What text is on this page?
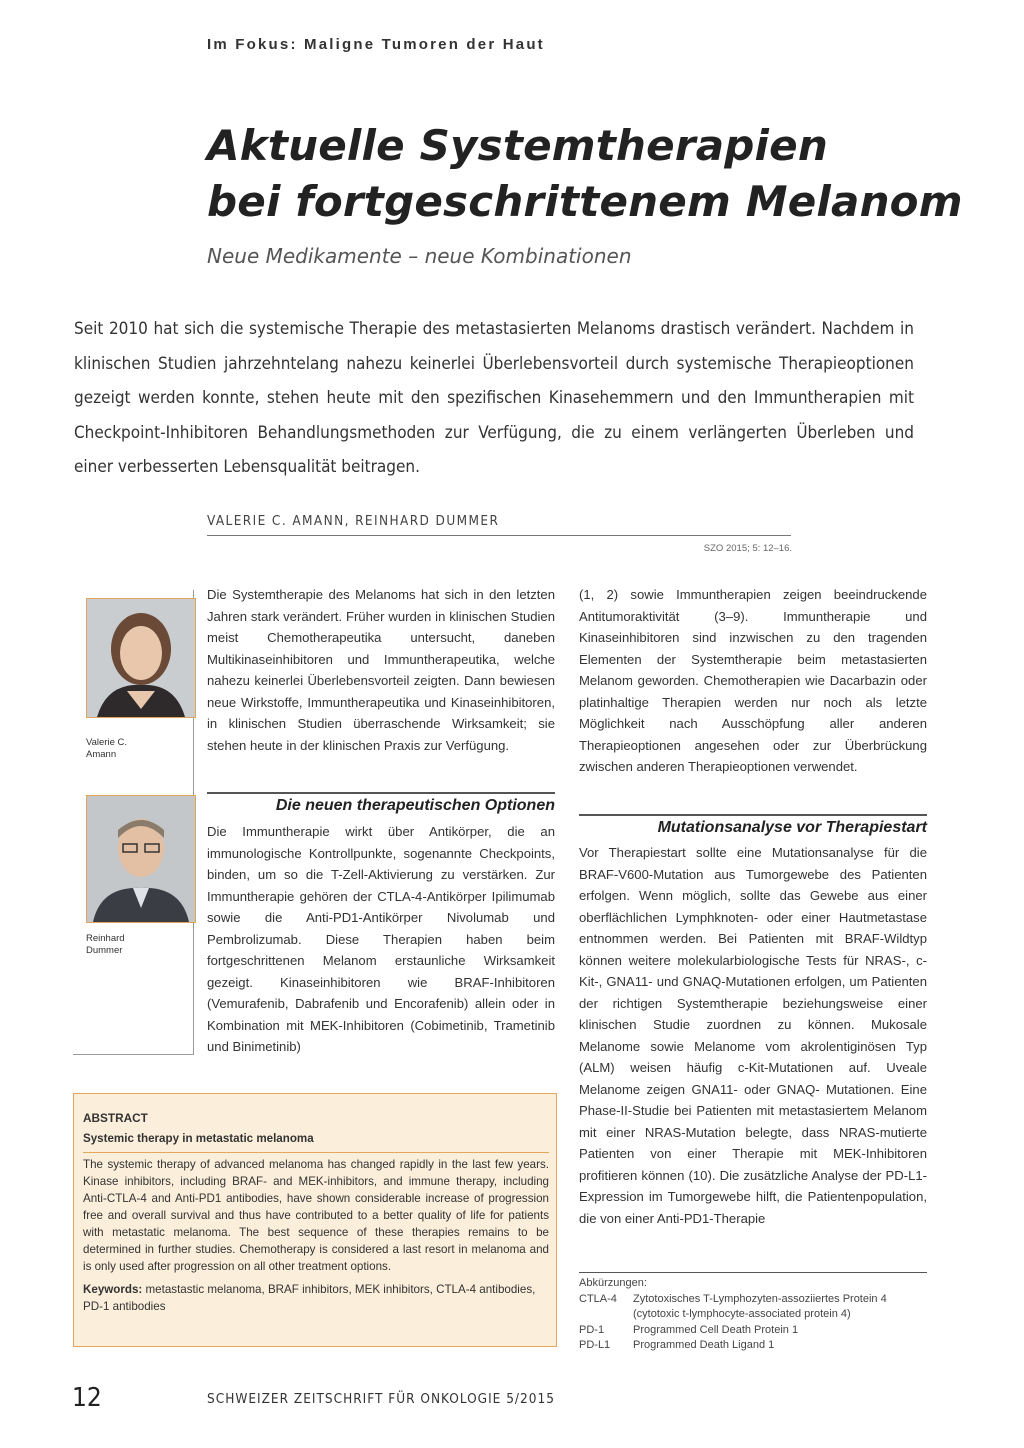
Im Fokus: Maligne Tumoren der Haut
Aktuelle Systemtherapien
bei fortgeschrittenem Melanom
Neue Medikamente – neue Kombinationen
Seit 2010 hat sich die systemische Therapie des metastasierten Melanoms drastisch verändert. Nachdem in klinischen Studien jahrzehntelang nahezu keinerlei Überlebensvorteil durch systemische Therapieoptionen gezeigt werden konnte, stehen heute mit den spezifischen Kinasehemmern und den Immuntherapien mit Checkpoint-Inhibitoren Behandlungsmethoden zur Verfügung, die zu einem verlängerten Überleben und einer verbesserten Lebensqualität beitragen.
VALERIE C. AMANN, REINHARD DUMMER
SZO 2015; 5: 12–16.
Valerie C. Amann
Reinhard Dummer

Die Systemtherapie des Melanoms hat sich in den letzten Jahren stark verändert. Früher wurden in klinischen Studien meist Chemotherapeutika untersucht, daneben Multikinaseinhibitoren und Immuntherapeutika, welche nahezu keinerlei Überlebensvorteil zeigten. Dann bewiesen neue Wirkstoffe, Immuntherapeutika und Kinaseinhibitoren, in klinischen Studien überraschende Wirksamkeit; sie stehen heute in der klinischen Praxis zur Verfügung.

Die neuen therapeutischen Optionen

Die Immuntherapie wirkt über Antikörper, die an immunologische Kontrollpunkte, sogenannte Checkpoints, binden, um so die T-Zell-Aktivierung zu verstärken. Zur Immuntherapie gehören der CTLA-4-Antikörper Ipilimumab sowie die Anti-PD1-Antikörper Nivolumab und Pembrolizumab. Diese Therapien haben beim fortgeschrittenen Melanom erstaunliche Wirksamkeit gezeigt. Kinaseinhibitoren wie BRAF-Inhibitoren (Vemurafenib, Dabrafenib und Encorafenib) allein oder in Kombination mit MEK-Inhibitoren (Cobimetinib, Trametinib und Binimetinib)

(1, 2) sowie Immuntherapien zeigen beeindruckende Antitumoraktivität (3–9). Immuntherapie und Kinaseinhibitoren sind inzwischen zu den tragenden Elementen der Systemtherapie beim metastasierten Melanom geworden. Chemotherapien wie Dacarbazin oder platinhaltige Therapien werden nur noch als letzte Möglichkeit nach Ausschöpfung aller anderen Therapieoptionen angesehen oder zur Überbrückung zwischen anderen Therapieoptionen verwendet.

Mutationsanalyse vor Therapiestart

Vor Therapiestart sollte eine Mutationsanalyse für die BRAF-V600-Mutation aus Tumorgewebe des Patienten erfolgen. Wenn möglich, sollte das Gewebe aus einer oberflächlichen Lymphknoten- oder einer Hautmetastase entnommen werden. Bei Patienten mit BRAF-Wildtyp können weitere molekularbiologische Tests für NRAS-, c-Kit-, GNA11- und GNAQ-Mutationen erfolgen, um Patienten der richtigen Systemtherapie beziehungsweise einer klinischen Studie zuordnen zu können. Mukosale Melanome sowie Melanome vom akrolentiginösen Typ (ALM) weisen häufig c-Kit-Mutationen auf. Uveale Melanome zeigen GNA11- oder GNAQ- Mutationen. Eine Phase-II-Studie bei Patienten mit metastasiertem Melanom mit einer NRAS-Mutation belegte, dass NRAS-mutierte Patienten von einer Therapie mit MEK-Inhibitoren profitieren können (10). Die zusätzliche Analyse der PD-L1-Expression im Tumorgewebe hilft, die Patientenpopulation, die von einer Anti-PD1-Therapie

ABSTRACT
Systemic therapy in metastatic melanoma
The systemic therapy of advanced melanoma has changed rapidly in the last few years. Kinase inhibitors, including BRAF- and MEK-inhibitors, and immune therapy, including Anti-CTLA-4 and Anti-PD1 antibodies, have shown considerable increase of progression free and overall survival and thus have contributed to a better quality of life for patients with metastatic melanoma. The best sequence of these therapies remains to be determined in further studies. Chemotherapy is considered a last resort in melanoma and is only used after progression on all other treatment options.
Keywords: metastastic melanoma, BRAF inhibitors, MEK inhibitors, CTLA-4 antibodies, PD-1 antibodies
Abkürzungen:
CTLA-4	Zytotoxisches T-Lymphozyten-assoziiertes Protein 4 (cytotoxic t-lymphocyte-associated protein 4)
PD-1	Programmed Cell Death Protein 1
PD-L1	Programmed Death Ligand 1
12	SCHWEIZER ZEITSCHRIFT FÜR ONKOLOGIE 5/2015
